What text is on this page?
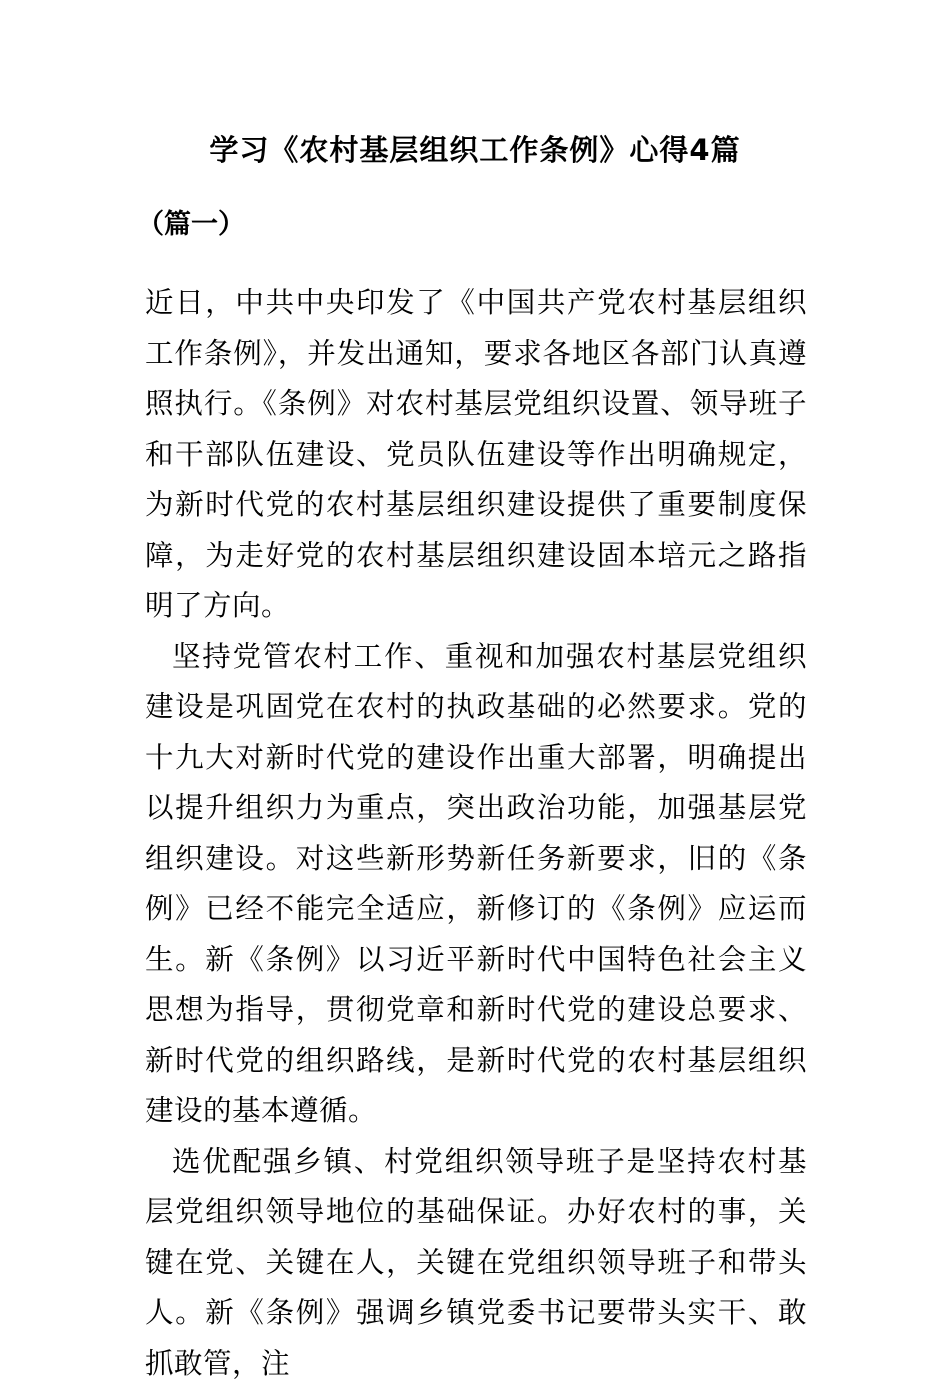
学习《农村基层组织工作条例》心得4篇

（篇一）

近日，中共中央印发了《中国共产党农村基层组织工作条例》，并发出通知，要求各地区各部门认真遵照执行。《条例》对农村基层党组织设置、领导班子和干部队伍建设、党员队伍建设等作出明确规定，为新时代党的农村基层组织建设提供了重要制度保障，为走好党的农村基层组织建设固本培元之路指明了方向。

坚持党管农村工作、重视和加强农村基层党组织建设是巩固党在农村的执政基础的必然要求。党的十九大对新时代党的建设作出重大部署，明确提出以提升组织力为重点，突出政治功能，加强基层党组织建设。对这些新形势新任务新要求，旧的《条例》已经不能完全适应，新修订的《条例》应运而生。新《条例》以习近平新时代中国特色社会主义思想为指导，贯彻党章和新时代党的建设总要求、新时代党的组织路线，是新时代党的农村基层组织建设的基本遵循。

选优配强乡镇、村党组织领导班子是坚持农村基层党组织领导地位的基础保证。办好农村的事，关键在党、关键在人，关键在党组织领导班子和带头人。新《条例》强调乡镇党委书记要带头实干、敢抓敢管，注
